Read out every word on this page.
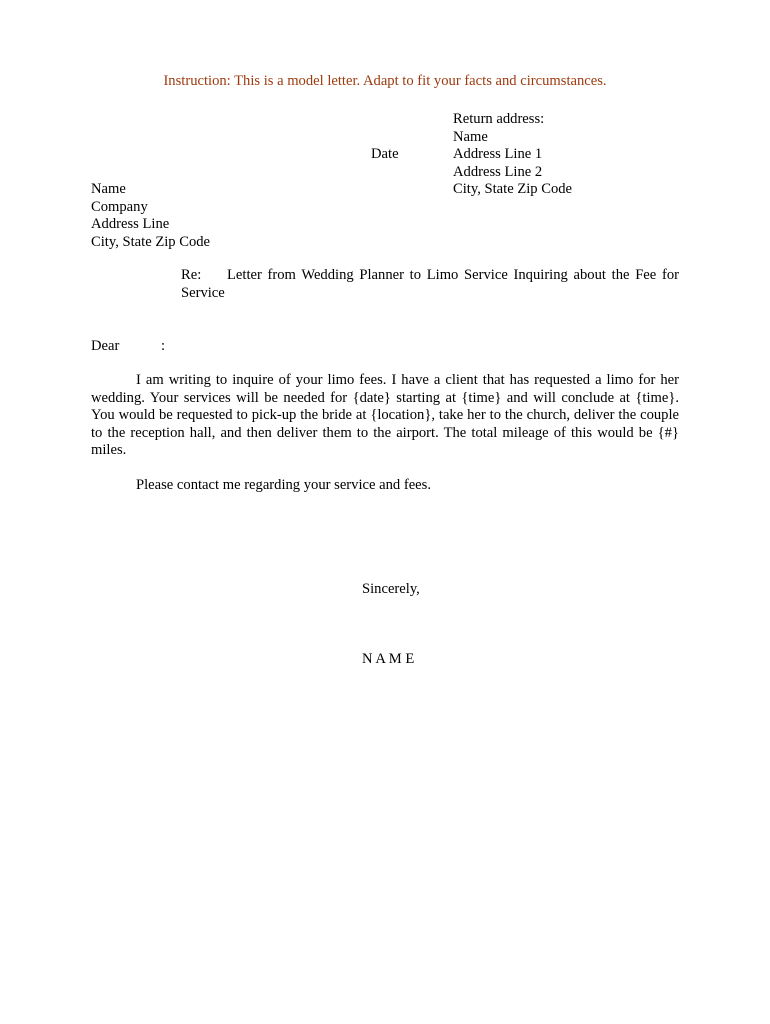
Instruction: This is a model letter. Adapt to fit your facts and circumstances.
Return address:
Name
Address Line 1
Address Line 2
City, State Zip Code
Date
Name
Company
Address Line
City, State Zip Code
Re: Letter from Wedding Planner to Limo Service Inquiring about the Fee for Service
Dear	:
I am writing to inquire of your limo fees. I have a client that has requested a limo for her wedding. Your services will be needed for {date} starting at {time} and will conclude at {time}. You would be requested to pick-up the bride at {location}, take her to the church, deliver the couple to the reception hall, and then deliver them to the airport. The total mileage of this would be {#} miles.
Please contact me regarding your service and fees.
Sincerely,
N A M E
